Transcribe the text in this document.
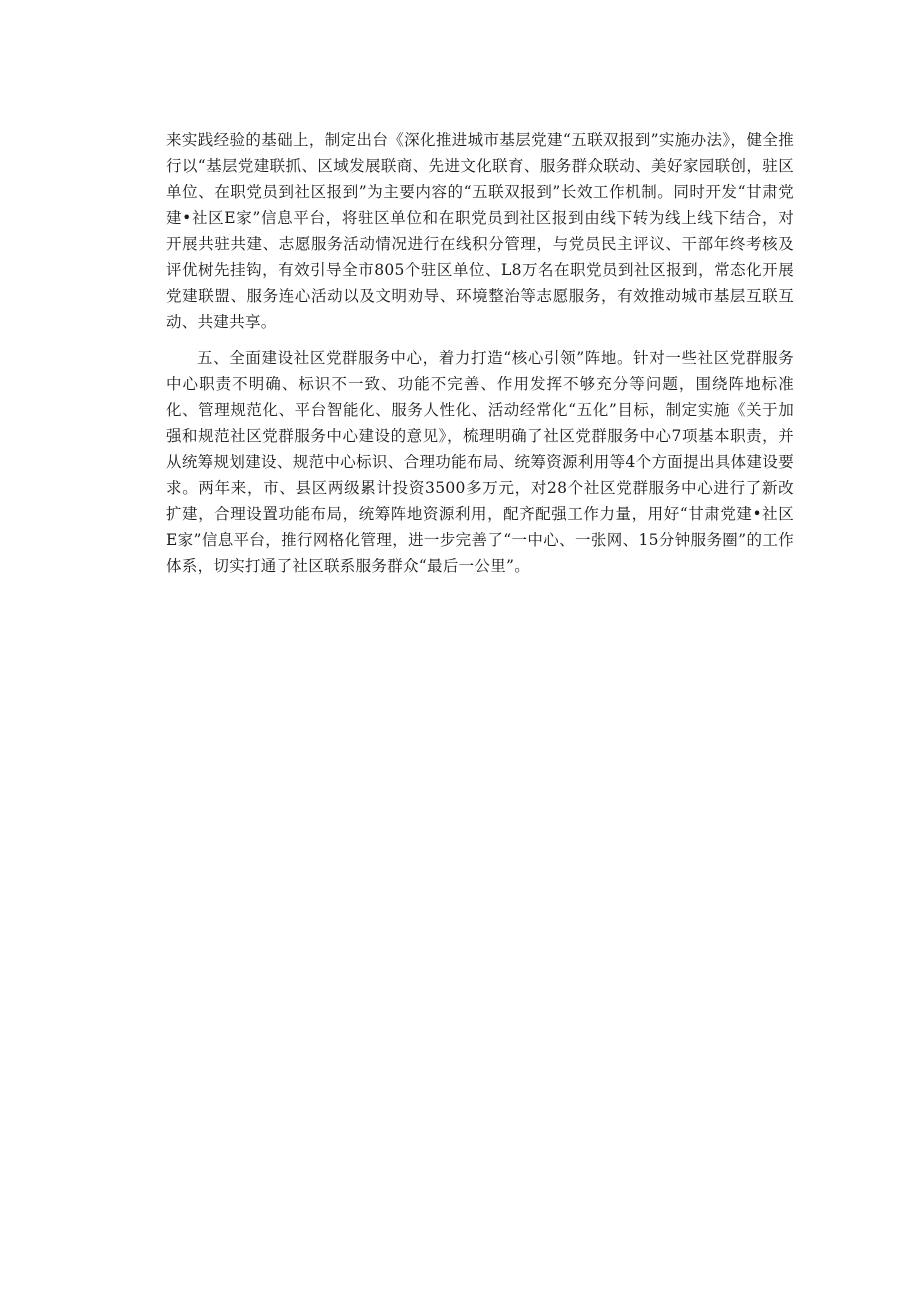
来实践经验的基础上，制定出台《深化推进城市基层党建“五联双报到”实施办法》，健全推行以“基层党建联抓、区域发展联商、先进文化联育、服务群众联动、美好家园联创，驻区单位、在职党员到社区报到”为主要内容的“五联双报到”长效工作机制。同时开发“甘肃党建•社区E家”信息平台，将驻区单位和在职党员到社区报到由线下转为线上线下结合，对开展共驻共建、志愿服务活动情况进行在线积分管理，与党员民主评议、干部年终考核及评优树先挂钩，有效引导全市805个驻区单位、L8万名在职党员到社区报到，常态化开展党建联盟、服务连心活动以及文明劝导、环境整治等志愿服务，有效推动城市基层互联互动、共建共享。

五、全面建设社区党群服务中心，着力打造“核心引领”阵地。针对一些社区党群服务中心职责不明确、标识不一致、功能不完善、作用发挥不够充分等问题，围绕阵地标准化、管理规范化、平台智能化、服务人性化、活动经常化“五化”目标，制定实施《关于加强和规范社区党群服务中心建设的意见》，梳理明确了社区党群服务中心7项基本职责，并从统筹规划建设、规范中心标识、合理功能布局、统筹资源利用等4个方面提出具体建设要求。两年来，市、县区两级累计投资3500多万元，对28个社区党群服务中心进行了新改扩建，合理设置功能布局，统筹阵地资源利用，配齐配强工作力量，用好“甘肃党建•社区E家”信息平台，推行网格化管理，进一步完善了“一中心、一张网、15分钟服务圈”的工作体系，切实打通了社区联系服务群众“最后一公里”。
